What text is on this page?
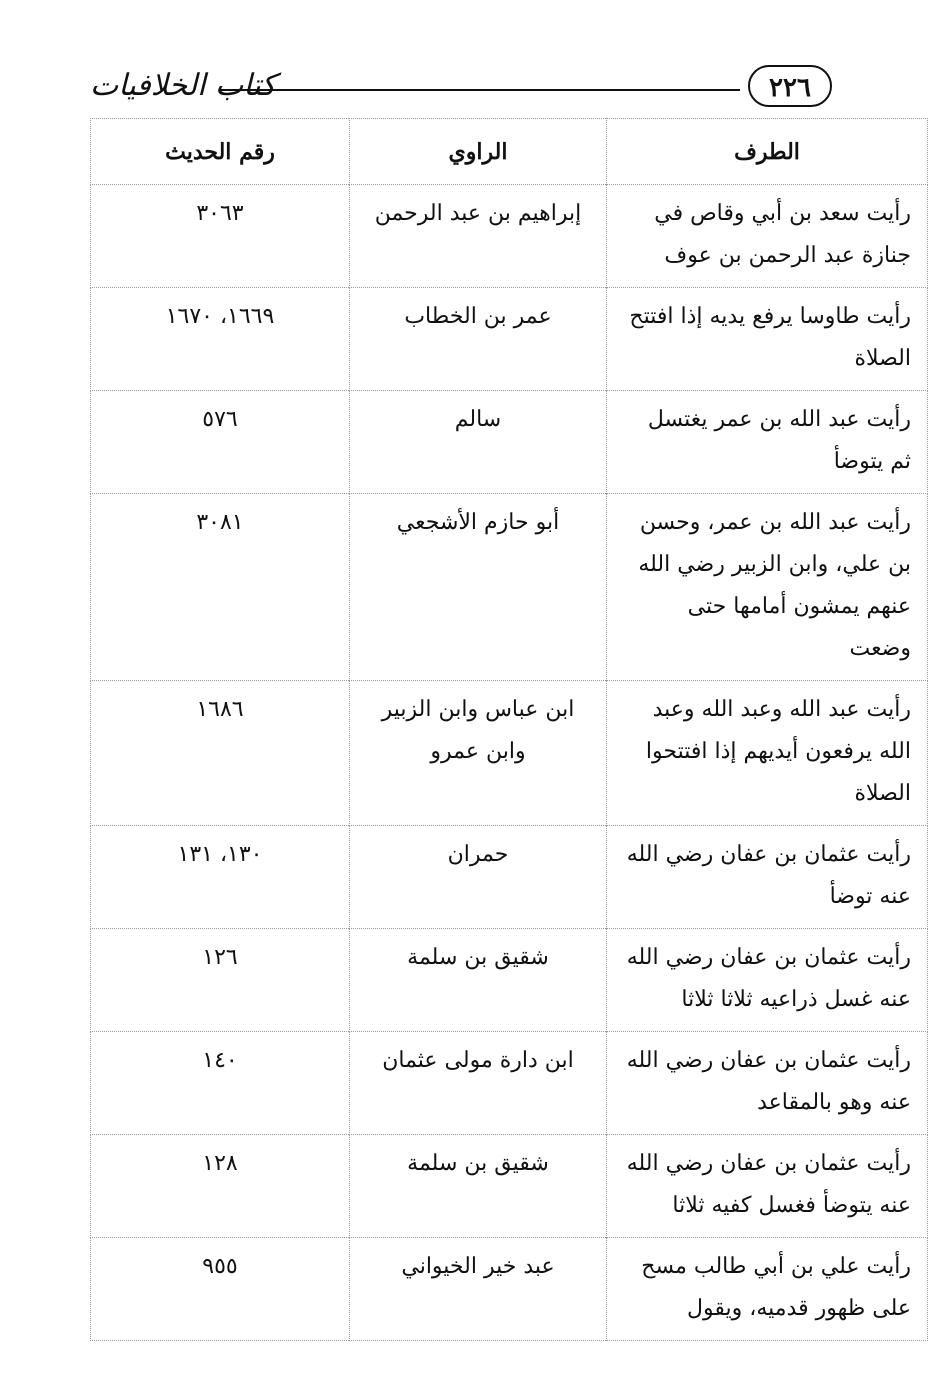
كتاب الخلافيات	٢٢٦
الطرف	الراوي	رقم الحديث
رأيت سعد بن أبي وقاص في جنازة عبد الرحمن بن عوف	إبراهيم بن عبد الرحمن	٣٠٦٣
رأيت طاوسا يرفع يديه إذا افتتح الصلاة	عمر بن الخطاب	١٦٦٩، ١٦٧٠
رأيت عبد الله بن عمر يغتسل ثم يتوضأ	سالم	٥٧٦
رأيت عبد الله بن عمر، وحسن بن علي، وابن الزبير رضي الله عنهم يمشون أمامها حتى وضعت	أبو حازم الأشجعي	٣٠٨١
رأيت عبد الله وعبد الله وعبد الله يرفعون أيديهم إذا افتتحوا الصلاة	ابن عباس وابن الزبير وابن عمرو	١٦٨٦
رأيت عثمان بن عفان رضي الله عنه توضأ	حمران	١٣٠، ١٣١
رأيت عثمان بن عفان رضي الله عنه غسل ذراعيه ثلاثا ثلاثا	شقيق بن سلمة	١٢٦
رأيت عثمان بن عفان رضي الله عنه وهو بالمقاعد	ابن دارة مولى عثمان	١٤٠
رأيت عثمان بن عفان رضي الله عنه يتوضأ فغسل كفيه ثلاثا	شقيق بن سلمة	١٢٨
رأيت علي بن أبي طالب مسح على ظهور قدميه، ويقول	عبد خير الخيواني	٩٥٥
